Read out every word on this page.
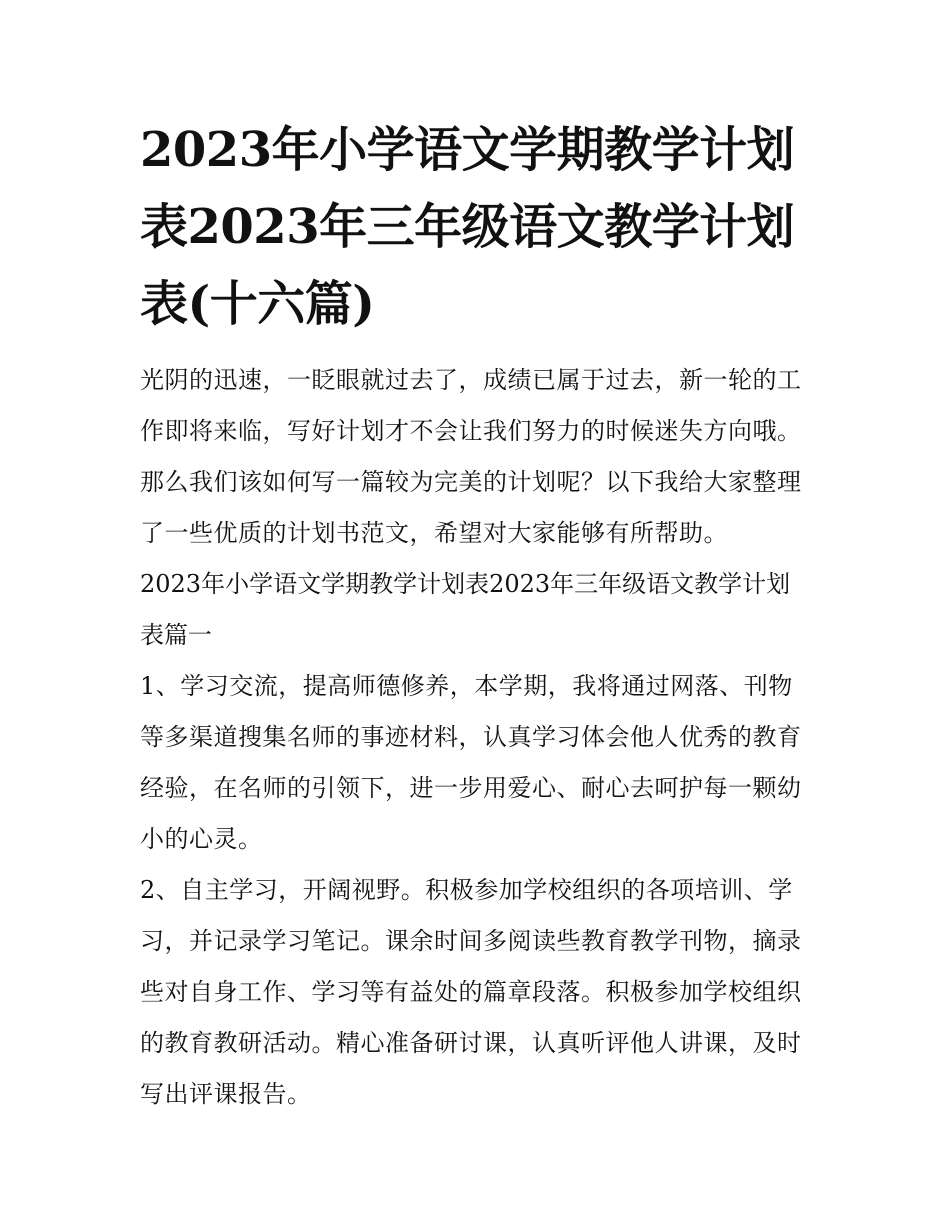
2023年小学语文学期教学计划表2023年三年级语文教学计划表(十六篇)

光阴的迅速，一眨眼就过去了，成绩已属于过去，新一轮的工作即将来临，写好计划才不会让我们努力的时候迷失方向哦。那么我们该如何写一篇较为完美的计划呢？以下我给大家整理了一些优质的计划书范文，希望对大家能够有所帮助。

2023年小学语文学期教学计划表2023年三年级语文教学计划表篇一

1、学习交流，提高师德修养，本学期，我将通过网落、刊物等多渠道搜集名师的事迹材料，认真学习体会他人优秀的教育经验，在名师的引领下，进一步用爱心、耐心去呵护每一颗幼小的心灵。

2、自主学习，开阔视野。积极参加学校组织的各项培训、学习，并记录学习笔记。课余时间多阅读些教育教学刊物，摘录些对自身工作、学习等有益处的篇章段落。积极参加学校组织的教育教研活动。精心准备研讨课，认真听评他人讲课，及时写出评课报告。
